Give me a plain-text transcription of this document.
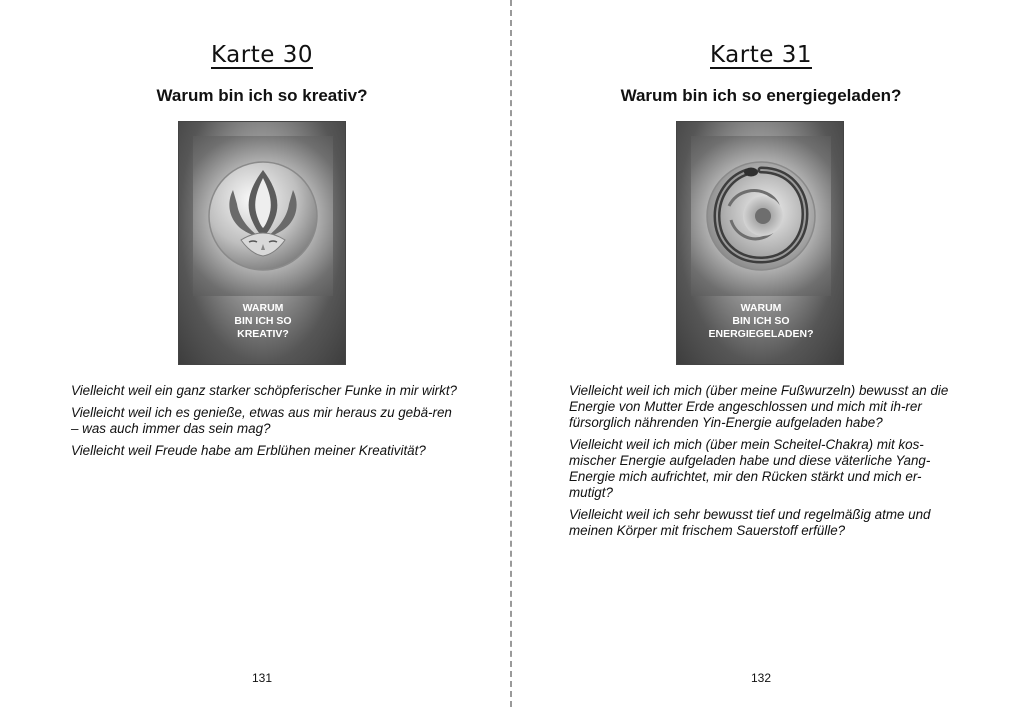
Karte 30
Warum bin ich so kreativ?
WARUM
BIN ICH SO
KREATIV?

Vielleicht weil ein ganz starker schöpferischer Funke in mir wirkt?

Vielleicht weil ich es genieße, etwas aus mir heraus zu gebä-ren – was auch immer das sein mag?

Vielleicht weil Freude habe am Erblühen meiner Kreativität?

131
Karte 31
Warum bin ich so energiegeladen?
WARUM
BIN ICH SO
ENERGIEGELADEN?

Vielleicht weil ich mich (über meine Fußwurzeln) bewusst an die Energie von Mutter Erde angeschlossen und mich mit ih-rer fürsorglich nährenden Yin-Energie aufgeladen habe?

Vielleicht weil ich mich (über mein Scheitel-Chakra) mit kos-mischer Energie aufgeladen habe und diese väterliche Yang-Energie mich aufrichtet, mir den Rücken stärkt und mich er-mutigt?

Vielleicht weil ich sehr bewusst tief und regelmäßig atme und meinen Körper mit frischem Sauerstoff erfülle?

132
